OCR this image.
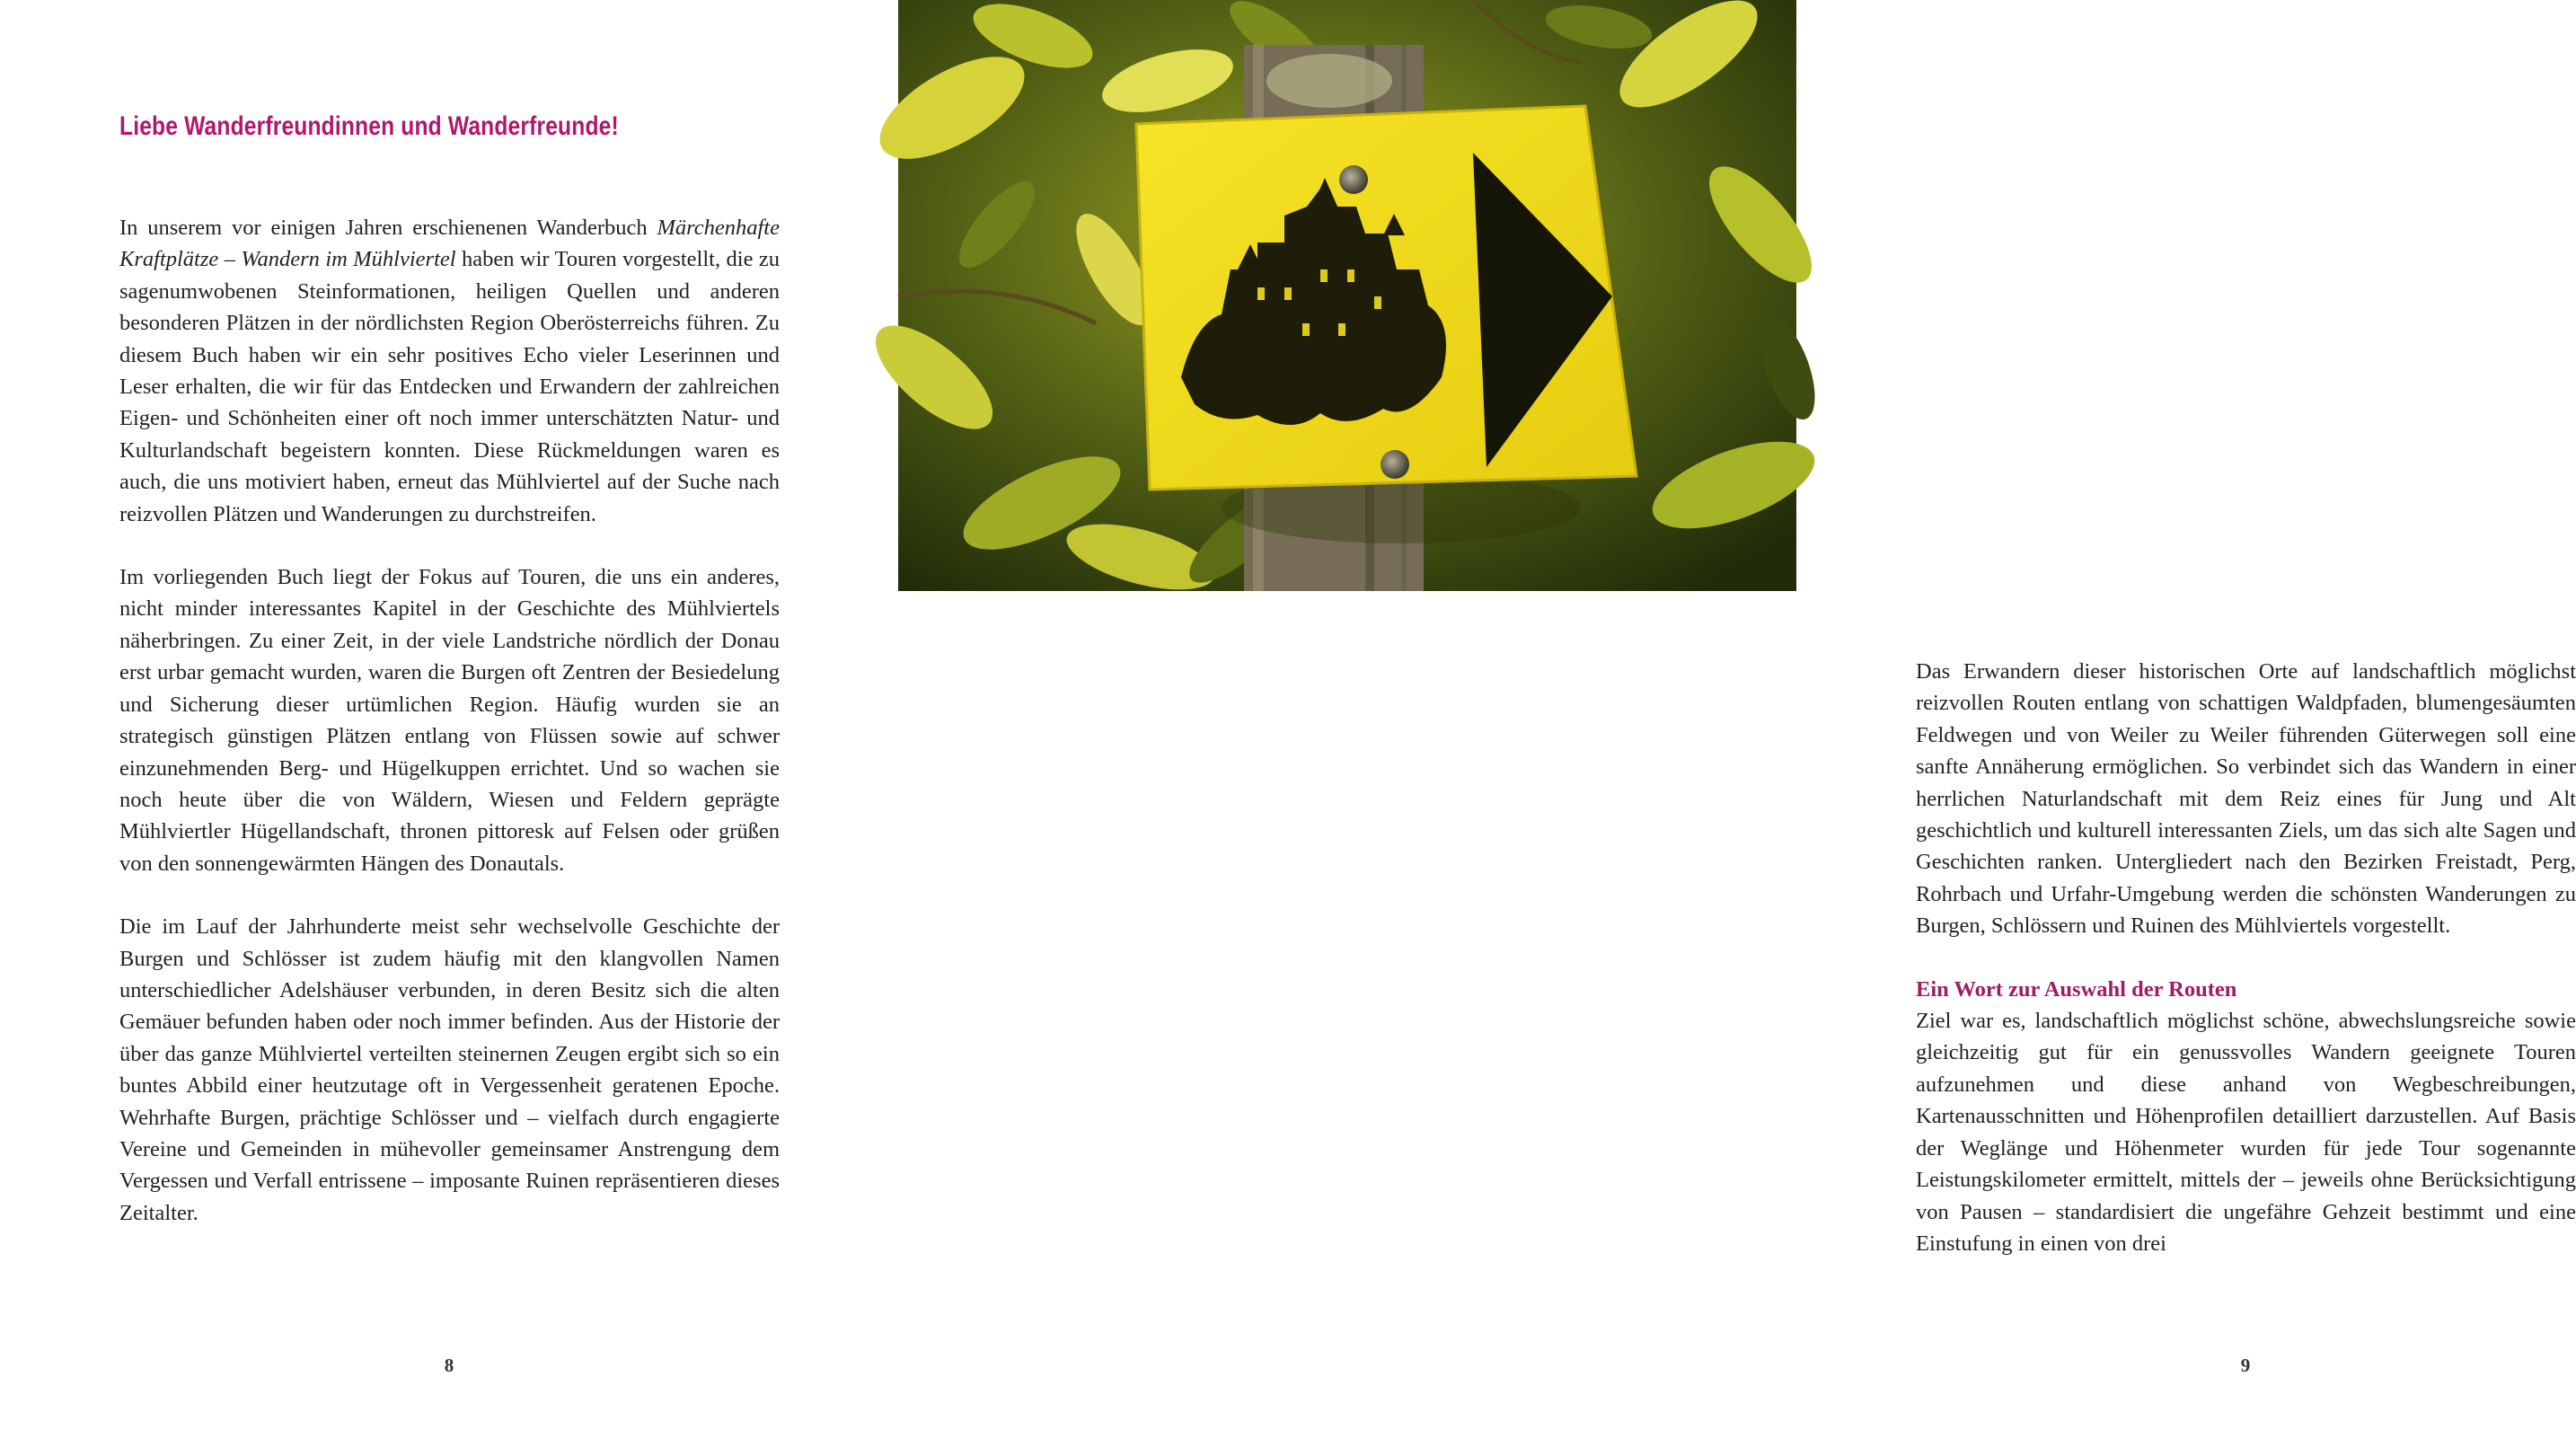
Liebe Wanderfreundinnen und Wanderfreunde!

In unserem vor einigen Jahren erschienenen Wanderbuch Märchenhafte Kraftplätze – Wandern im Mühlviertel haben wir Touren vorgestellt, die zu sagenumwobenen Steinformationen, heiligen Quellen und anderen besonderen Plätzen in der nördlichsten Region Oberösterreichs führen. Zu diesem Buch haben wir ein sehr positives Echo vieler Leserinnen und Leser erhalten, die wir für das Entdecken und Erwandern der zahlreichen Eigen- und Schönheiten einer oft noch immer unterschätzten Natur- und Kulturlandschaft begeistern konnten. Diese Rückmeldungen waren es auch, die uns motiviert haben, erneut das Mühlviertel auf der Suche nach reizvollen Plätzen und Wanderungen zu durchstreifen.

Im vorliegenden Buch liegt der Fokus auf Touren, die uns ein anderes, nicht minder interessantes Kapitel in der Geschichte des Mühlviertels näherbringen. Zu einer Zeit, in der viele Landstriche nördlich der Donau erst urbar gemacht wurden, waren die Burgen oft Zentren der Besiedelung und Sicherung dieser urtümlichen Region. Häufig wurden sie an strategisch günstigen Plätzen entlang von Flüssen sowie auf schwer einzunehmenden Berg- und Hügelkuppen errichtet. Und so wachen sie noch heute über die von Wäldern, Wiesen und Feldern geprägte Mühlviertler Hügellandschaft, thronen pittoresk auf Felsen oder grüßen von den sonnengewärmten Hängen des Donautals.

Die im Lauf der Jahrhunderte meist sehr wechselvolle Geschichte der Burgen und Schlösser ist zudem häufig mit den klangvollen Namen unterschiedlicher Adelshäuser verbunden, in deren Besitz sich die alten Gemäuer befunden haben oder noch immer befinden. Aus der Historie der über das ganze Mühlviertel verteilten steinernen Zeugen ergibt sich so ein buntes Abbild einer heutzutage oft in Vergessenheit geratenen Epoche. Wehrhafte Burgen, prächtige Schlösser und – vielfach durch engagierte Vereine und Gemeinden in mühevoller gemeinsamer Anstrengung dem Vergessen und Verfall entrissene – imposante Ruinen repräsentieren dieses Zeitalter.

8

Das Erwandern dieser historischen Orte auf landschaftlich möglichst reizvollen Routen entlang von schattigen Waldpfaden, blumengesäumten Feldwegen und von Weiler zu Weiler führenden Güterwegen soll eine sanfte Annäherung ermöglichen. So verbindet sich das Wandern in einer herrlichen Naturlandschaft mit dem Reiz eines für Jung und Alt geschichtlich und kulturell interessanten Ziels, um das sich alte Sagen und Geschichten ranken. Untergliedert nach den Bezirken Freistadt, Perg, Rohrbach und Urfahr-Umgebung werden die schönsten Wanderungen zu Burgen, Schlössern und Ruinen des Mühlviertels vorgestellt.

Ein Wort zur Auswahl der Routen

Ziel war es, landschaftlich möglichst schöne, abwechslungsreiche sowie gleichzeitig gut für ein genussvolles Wandern geeignete Touren aufzunehmen und diese anhand von Wegbeschreibungen, Kartenausschnitten und Höhenprofilen detailliert darzustellen. Auf Basis der Weglänge und Höhenmeter wurden für jede Tour sogenannte Leistungskilometer ermittelt, mittels der – jeweils ohne Berücksichtigung von Pausen – standardisiert die ungefähre Gehzeit bestimmt und eine Einstufung in einen von drei

9
